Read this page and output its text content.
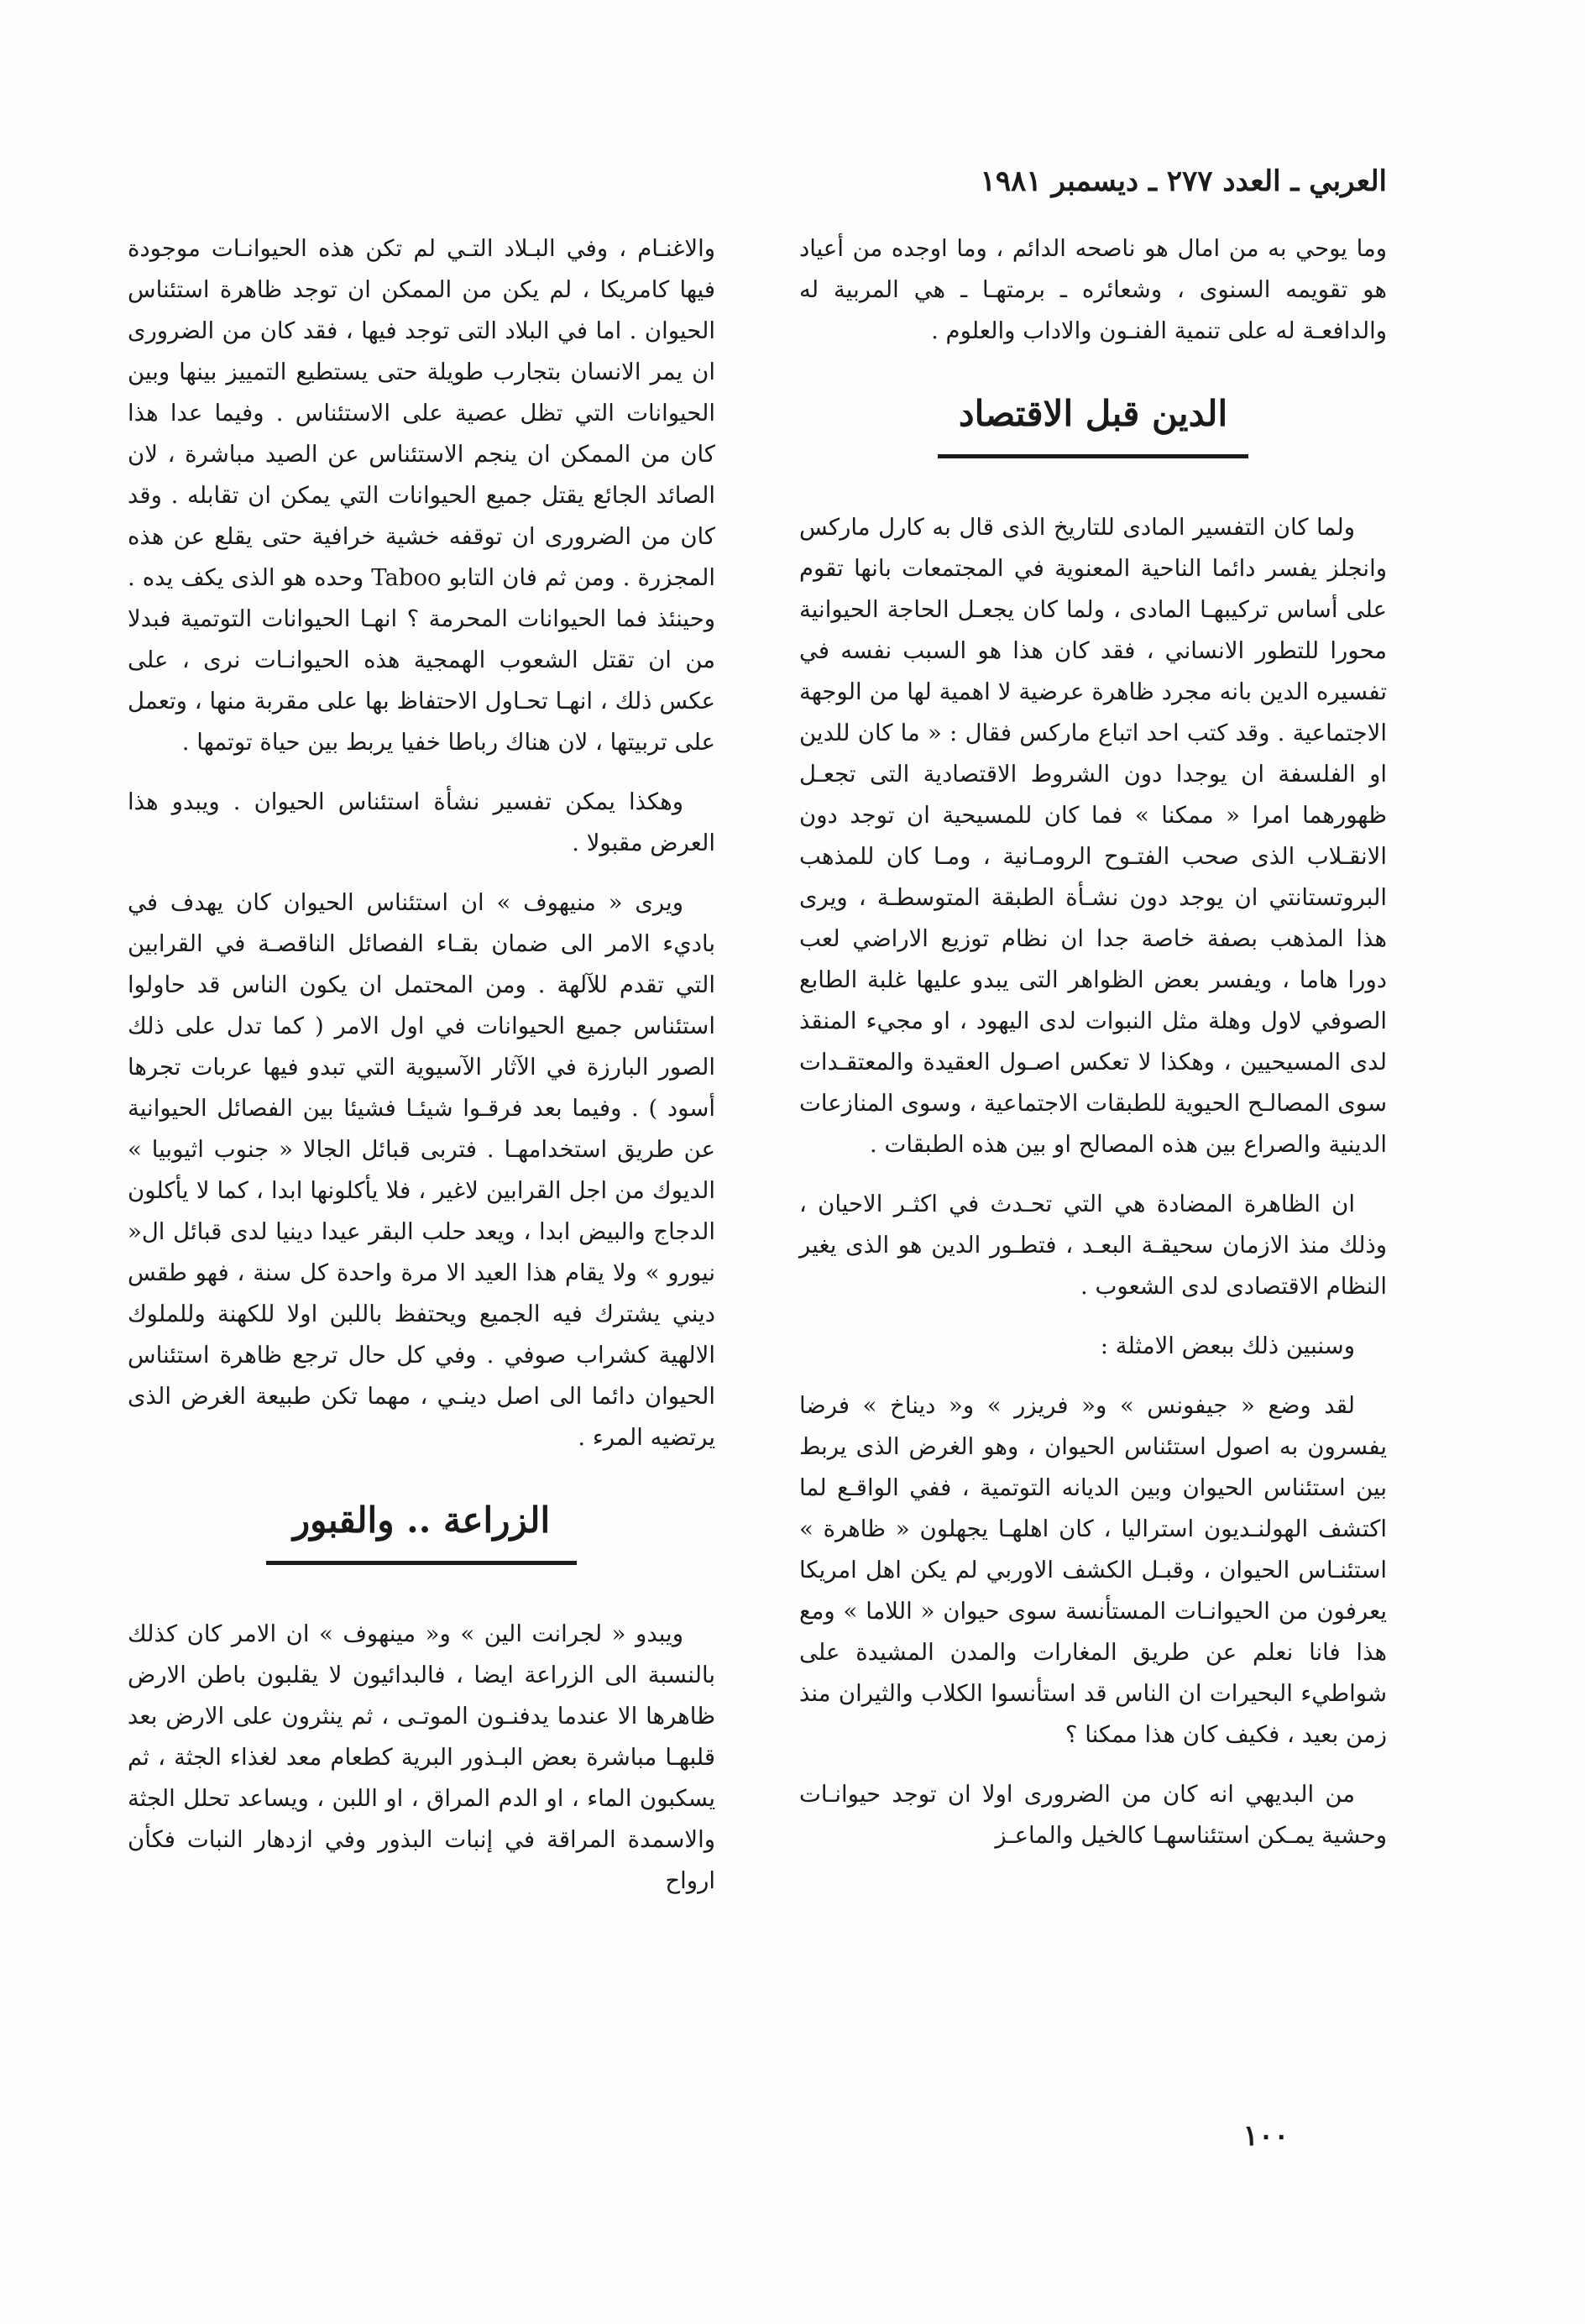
العربي ـ العدد ٢٧٧ ـ ديسمبر ١٩٨١

وما يوحي به من امال هو ناصحه الدائم ، وما اوجده من أعياد هو تقويمه السنوى ، وشعائره ـ برمتهـا ـ هي المربية له والدافعـة له على تنمية الفنـون والاداب والعلوم .

الدين قبل الاقتصاد

ولما كان التفسير المادى للتاريخ الذى قال به كارل ماركس وانجلز يفسر دائما الناحية المعنوية في المجتمعات بانها تقوم على أساس تركيبهـا المادى ، ولما كان يجعـل الحاجة الحيوانية محورا للتطور الانساني ، فقد كان هذا هو السبب نفسه في تفسيره الدين بانه مجرد ظاهرة عرضية لا اهمية لها من الوجهة الاجتماعية . وقد كتب احد اتباع ماركس فقال : « ما كان للدين او الفلسفة ان يوجدا دون الشروط الاقتصادية التى تجعـل ظهورهما امرا « ممكنا » فما كان للمسيحية ان توجد دون الانقـلاب الذى صحب الفتـوح الرومـانية ، ومـا كان للمذهب البروتستانتي ان يوجد دون نشـأة الطبقة المتوسطـة ، ويرى هذا المذهب بصفة خاصة جدا ان نظام توزيع الاراضي لعب دورا هاما ، ويفسر بعض الظواهر التى يبدو عليها غلبة الطابع الصوفي لاول وهلة مثل النبوات لدى اليهود ، او مجيء المنقذ لدى المسيحيين ، وهكذا لا تعكس اصـول العقيدة والمعتقـدات سوى المصالـح الحيوية للطبقات الاجتماعية ، وسوى المنازعات الدينية والصراع بين هذه المصالح او بين هذه الطبقات .

ان الظاهرة المضادة هي التي تحـدث في اكثـر الاحيان ، وذلك منذ الازمان سحيقـة البعـد ، فتطـور الدين هو الذى يغير النظام الاقتصادى لدى الشعوب .

وسنبين ذلك ببعض الامثلة :

لقد وضع « جيفونس » و« فريزر » و« ديناخ » فرضا يفسرون به اصول استئناس الحيوان ، وهو الغرض الذى يربط بين استئناس الحيوان وبين الديانه التوتمية ، ففي الواقـع لما اكتشف الهولنـديون استراليا ، كان اهلهـا يجهلون « ظاهرة » استئنـاس الحيوان ، وقبـل الكشف الاوربي لم يكن اهل امريكا يعرفون من الحيوانـات المستأنسة سوى حيوان « اللاما » ومع هذا فانا نعلم عن طريق المغارات والمدن المشيدة على شواطيء البحيرات ان الناس قد استأنسوا الكلاب والثيران منذ زمن بعيد ، فكيف كان هذا ممكنا ؟

من البديهي انه كان من الضرورى اولا ان توجد حيوانـات وحشية يمـكن استئناسهـا كالخيل والماعـز

والاغنـام ، وفي البـلاد التـي لم تكن هذه الحيوانـات موجودة فيها كامريكا ، لم يكن من الممكن ان توجد ظاهرة استئناس الحيوان . اما في البلاد التى توجد فيها ، فقد كان من الضرورى ان يمر الانسان بتجارب طويلة حتى يستطيع التمييز بينها وبين الحيوانات التي تظل عصية على الاستئناس . وفيما عدا هذا كان من الممكن ان ينجم الاستئناس عن الصيد مباشرة ، لان الصائد الجائع يقتل جميع الحيوانات التي يمكن ان تقابله . وقد كان من الضرورى ان توقفه خشية خرافية حتى يقلع عن هذه المجزرة . ومن ثم فان التابو Taboo وحده هو الذى يكف يده . وحينئذ فما الحيوانات المحرمة ؟ انهـا الحيوانات التوتمية فبدلا من ان تقتل الشعوب الهمجية هذه الحيوانـات نرى ، على عكس ذلك ، انهـا تحـاول الاحتفاظ بها على مقربة منها ، وتعمل على تربيتها ، لان هناك رباطا خفيا يربط بين حياة توتمها .

وهكذا يمكن تفسير نشأة استئناس الحيوان . ويبدو هذا العرض مقبولا .

ويرى « منيهوف » ان استئناس الحيوان كان يهدف في باديء الامر الى ضمان بقـاء الفصائل الناقصـة في القرابين التي تقدم للآلهة . ومن المحتمل ان يكون الناس قد حاولوا استئناس جميع الحيوانات في اول الامر ( كما تدل على ذلك الصور البارزة في الآثار الآسيوية التي تبدو فيها عربات تجرها أسود ) . وفيما بعد فرقـوا شيئـا فشيئا بين الفصائل الحيوانية عن طريق استخدامهـا . فتربى قبائل الجالا « جنوب اثيوبيا » الديوك من اجل القرابين لاغير ، فلا يأكلونها ابدا ، كما لا يأكلون الدجاج والبيض ابدا ، ويعد حلب البقر عيدا دينيا لدى قبائل ال« نيورو » ولا يقام هذا العيد الا مرة واحدة كل سنة ، فهو طقس ديني يشترك فيه الجميع ويحتفظ باللبن اولا للكهنة وللملوك الالهية كشراب صوفي . وفي كل حال ترجع ظاهرة استئناس الحيوان دائما الى اصل دينـي ، مهما تكن طبيعة الغرض الذى يرتضيه المرء .

الزراعة .. والقبور

ويبدو « لجرانت الين » و« مينهوف » ان الامر كان كذلك بالنسبة الى الزراعة ايضا ، فالبدائيون لا يقلبون باطن الارض ظاهرها الا عندما يدفنـون الموتـى ، ثم ينثرون على الارض بعد قلبهـا مباشرة بعض البـذور البرية كطعام معد لغذاء الجثة ، ثم يسكبون الماء ، او الدم المراق ، او اللبن ، ويساعد تحلل الجثة والاسمدة المراقة في إنبات البذور وفي ازدهار النبات فكأن ارواح

١٠٠
